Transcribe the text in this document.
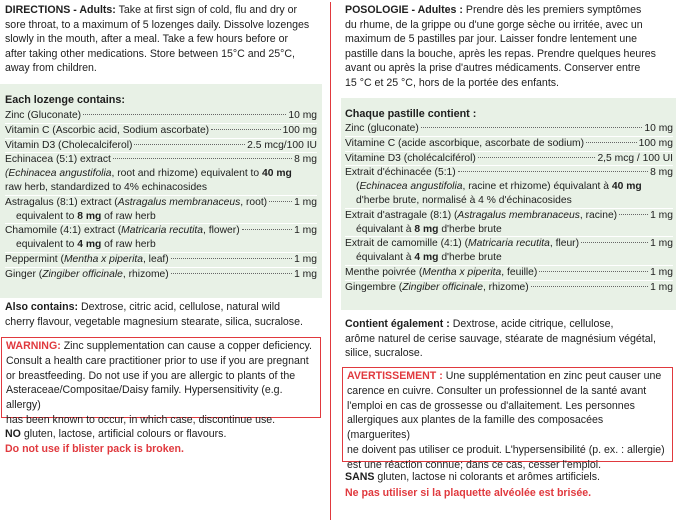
DIRECTIONS - Adults: Take at first sign of cold, flu and dry or
sore throat, to a maximum of 5 lozenges daily. Dissolve lozenges
slowly in the mouth, after a meal. Take a few hours before or
after taking other medications. Store between 15°C and 25°C,
away from children.
Each lozenge contains:
Zinc (Gluconate)	10 mg
Vitamin C (Ascorbic acid, Sodium ascorbate)	100 mg
Vitamin D3 (Cholecalciferol)	2.5 mcg/100 IU
Echinacea (5:1) extract	8 mg
(Echinacea angustifolia, root and rhizome) equivalent to 40 mg
raw herb, standardized to 4% echinacosides
Astragalus (8:1) extract (Astragalus membranaceus, root)	1 mg
equivalent to 8 mg of raw herb
Chamomile (4:1) extract (Matricaria recutita, flower)	1 mg
equivalent to 4 mg of raw herb
Peppermint (Mentha x piperita, leaf)	1 mg
Ginger (Zingiber officinale, rhizome)	1 mg
Also contains: Dextrose, citric acid, cellulose, natural wild
cherry flavour, vegetable magnesium stearate, silica, sucralose.
WARNING: Zinc supplementation can cause a copper deficiency.
Consult a health care practitioner prior to use if you are pregnant
or breastfeeding. Do not use if you are allergic to plants of the
Asteraceae/Compositae/Daisy family. Hypersensitivity (e.g. allergy)
has been known to occur, in which case, discontinue use.
NO gluten, lactose, artificial colours or flavours.
Do not use if blister pack is broken.
POSOLOGIE - Adultes : Prendre dès les premiers symptômes
du rhume, de la grippe ou d'une gorge sèche ou irritée, avec un
maximum de 5 pastilles par jour. Laisser fondre lentement une
pastille dans la bouche, après les repas. Prendre quelques heures
avant ou après la prise d'autres médicaments. Conserver entre
15 °C et 25 °C, hors de la portée des enfants.
Chaque pastille contient :
Zinc (gluconate)	10 mg
Vitamine C (acide ascorbique, ascorbate de sodium)	100 mg
Vitamine D3 (cholécalciférol)	2,5 mcg / 100 UI
Extrait d'échinacée (5:1)	8 mg
(Echinacea angustifolia, racine et rhizome) équivalant à 40 mg
d'herbe brute, normalisé à 4 % d'échinacosides
Extrait d'astragale (8:1) (Astragalus membranaceus, racine)	1 mg
équivalant à 8 mg d'herbe brute
Extrait de camomille (4:1) (Matricaria recutita, fleur)	1 mg
équivalant à 4 mg d'herbe brute
Menthe poivrée (Mentha x piperita, feuille)	1 mg
Gingembre (Zingiber officinale, rhizome)	1 mg
Contient également : Dextrose, acide citrique, cellulose,
arôme naturel de cerise sauvage, stéarate de magnésium végétal,
silice, sucralose.
AVERTISSEMENT : Une supplémentation en zinc peut causer une
carence en cuivre. Consulter un professionnel de la santé avant
l'emploi en cas de grossesse ou d'allaitement. Les personnes
allergiques aux plantes de la famille des composacées (marguerites)
ne doivent pas utiliser ce produit. L'hypersensibilité (p. ex. : allergie)
est une réaction connue; dans ce cas, cesser l'emploi.
SANS gluten, lactose ni colorants et arômes artificiels.
Ne pas utiliser si la plaquette alvéolée est brisée.
